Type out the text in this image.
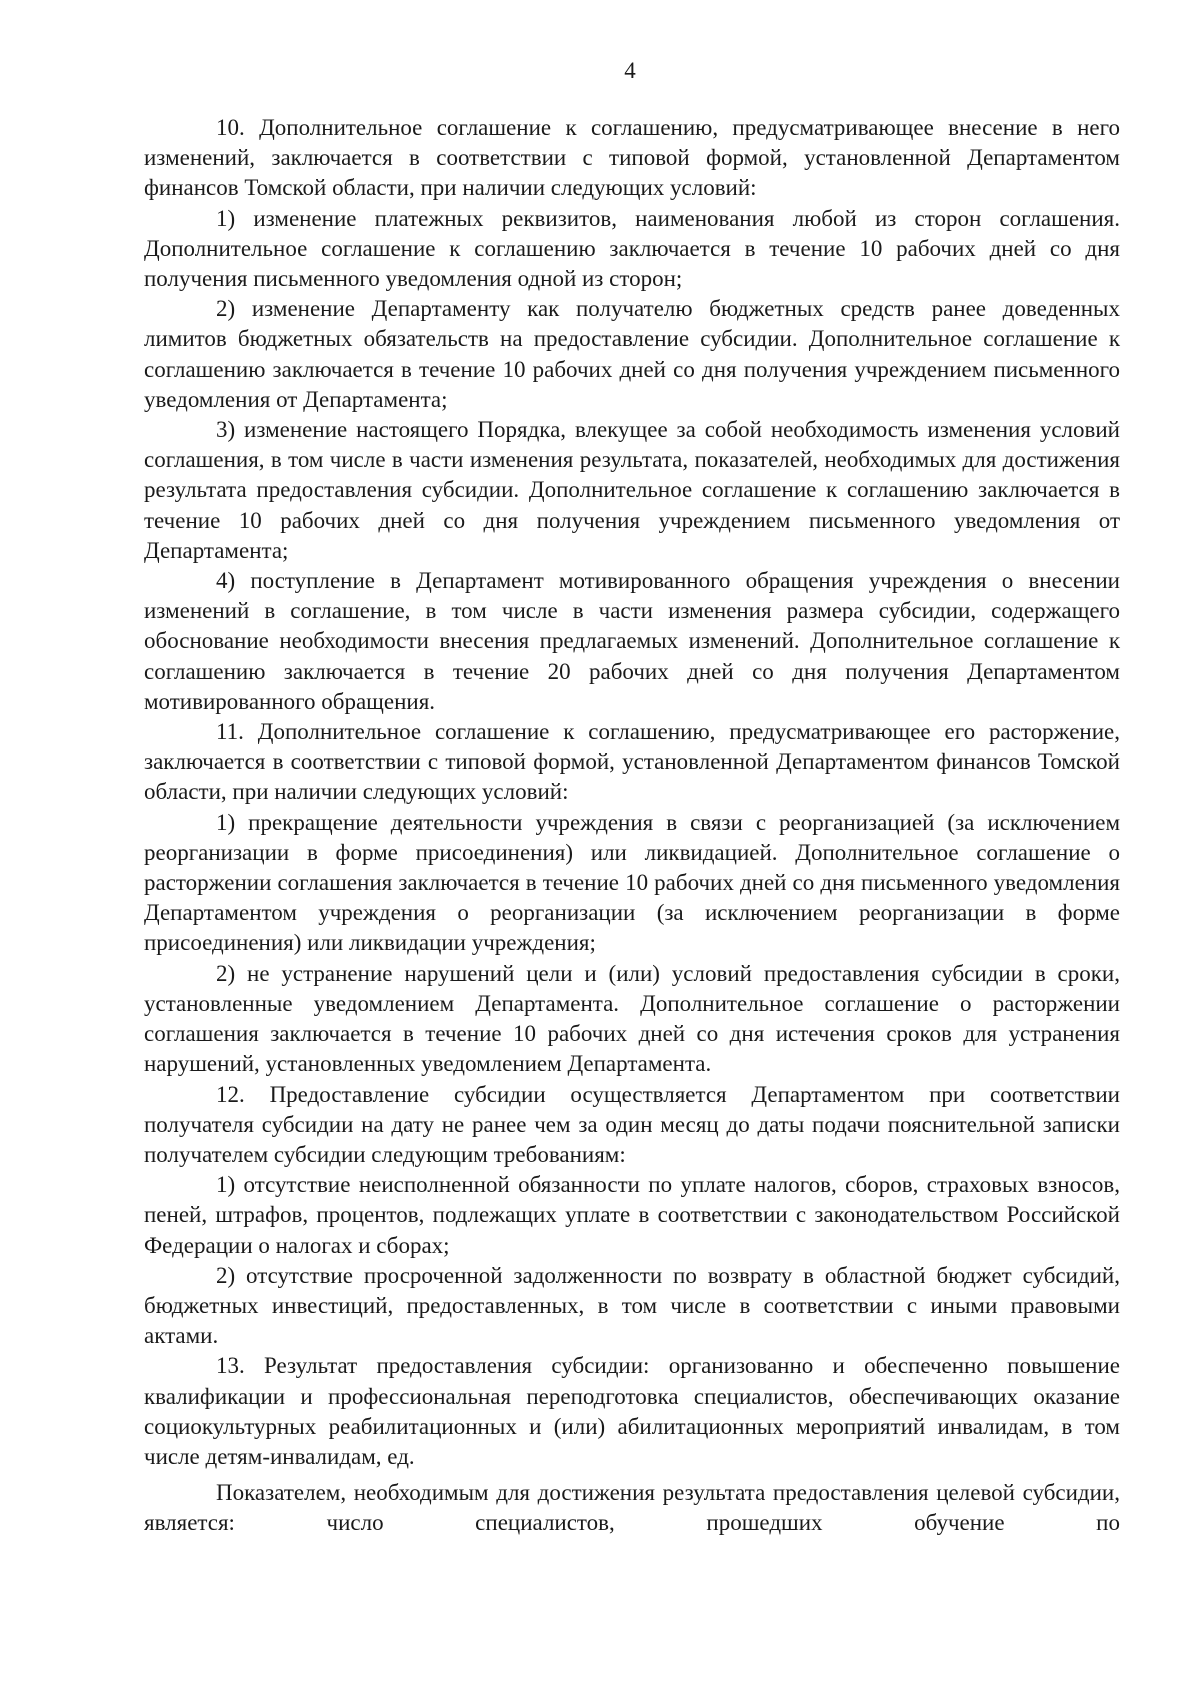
4

10. Дополнительное соглашение к соглашению, предусматривающее внесение в него изменений, заключается в соответствии с типовой формой, установленной Департаментом финансов Томской области, при наличии следующих условий:

1) изменение платежных реквизитов, наименования любой из сторон соглашения. Дополнительное соглашение к соглашению заключается в течение 10 рабочих дней со дня получения письменного уведомления одной из сторон;

2) изменение Департаменту как получателю бюджетных средств ранее доведенных лимитов бюджетных обязательств на предоставление субсидии. Дополнительное соглашение к соглашению заключается в течение 10 рабочих дней со дня получения учреждением письменного уведомления от Департамента;

3) изменение настоящего Порядка, влекущее за собой необходимость изменения условий соглашения, в том числе в части изменения результата, показателей, необходимых для достижения результата предоставления субсидии. Дополнительное соглашение к соглашению заключается в течение 10 рабочих дней со дня получения учреждением письменного уведомления от Департамента;

4) поступление в Департамент мотивированного обращения учреждения о внесении изменений в соглашение, в том числе в части изменения размера субсидии, содержащего обоснование необходимости внесения предлагаемых изменений. Дополнительное соглашение к соглашению заключается в течение 20 рабочих дней со дня получения Департаментом мотивированного обращения.

11. Дополнительное соглашение к соглашению, предусматривающее его расторжение, заключается в соответствии с типовой формой, установленной Департаментом финансов Томской области, при наличии следующих условий:

1) прекращение деятельности учреждения в связи с реорганизацией (за исключением реорганизации в форме присоединения) или ликвидацией. Дополнительное соглашение о расторжении соглашения заключается в течение 10 рабочих дней со дня письменного уведомления Департаментом учреждения о реорганизации (за исключением реорганизации в форме присоединения) или ликвидации учреждения;

2) не устранение нарушений цели и (или) условий предоставления субсидии в сроки, установленные уведомлением Департамента. Дополнительное соглашение о расторжении соглашения заключается в течение 10 рабочих дней со дня истечения сроков для устранения нарушений, установленных уведомлением Департамента.

12. Предоставление субсидии осуществляется Департаментом при соответствии получателя субсидии на дату не ранее чем за один месяц до даты подачи пояснительной записки получателем субсидии следующим требованиям:

1) отсутствие неисполненной обязанности по уплате налогов, сборов, страховых взносов, пеней, штрафов, процентов, подлежащих уплате в соответствии с законодательством Российской Федерации о налогах и сборах;

2) отсутствие просроченной задолженности по возврату в областной бюджет субсидий, бюджетных инвестиций, предоставленных, в том числе в соответствии с иными правовыми актами.

13. Результат предоставления субсидии: организованно и обеспеченно повышение квалификации и профессиональная переподготовка специалистов, обеспечивающих оказание социокультурных реабилитационных и (или) абилитационных мероприятий инвалидам, в том числе детям-инвалидам, ед.

Показателем, необходимым для достижения результата предоставления целевой субсидии, является: число специалистов, прошедших обучение по
